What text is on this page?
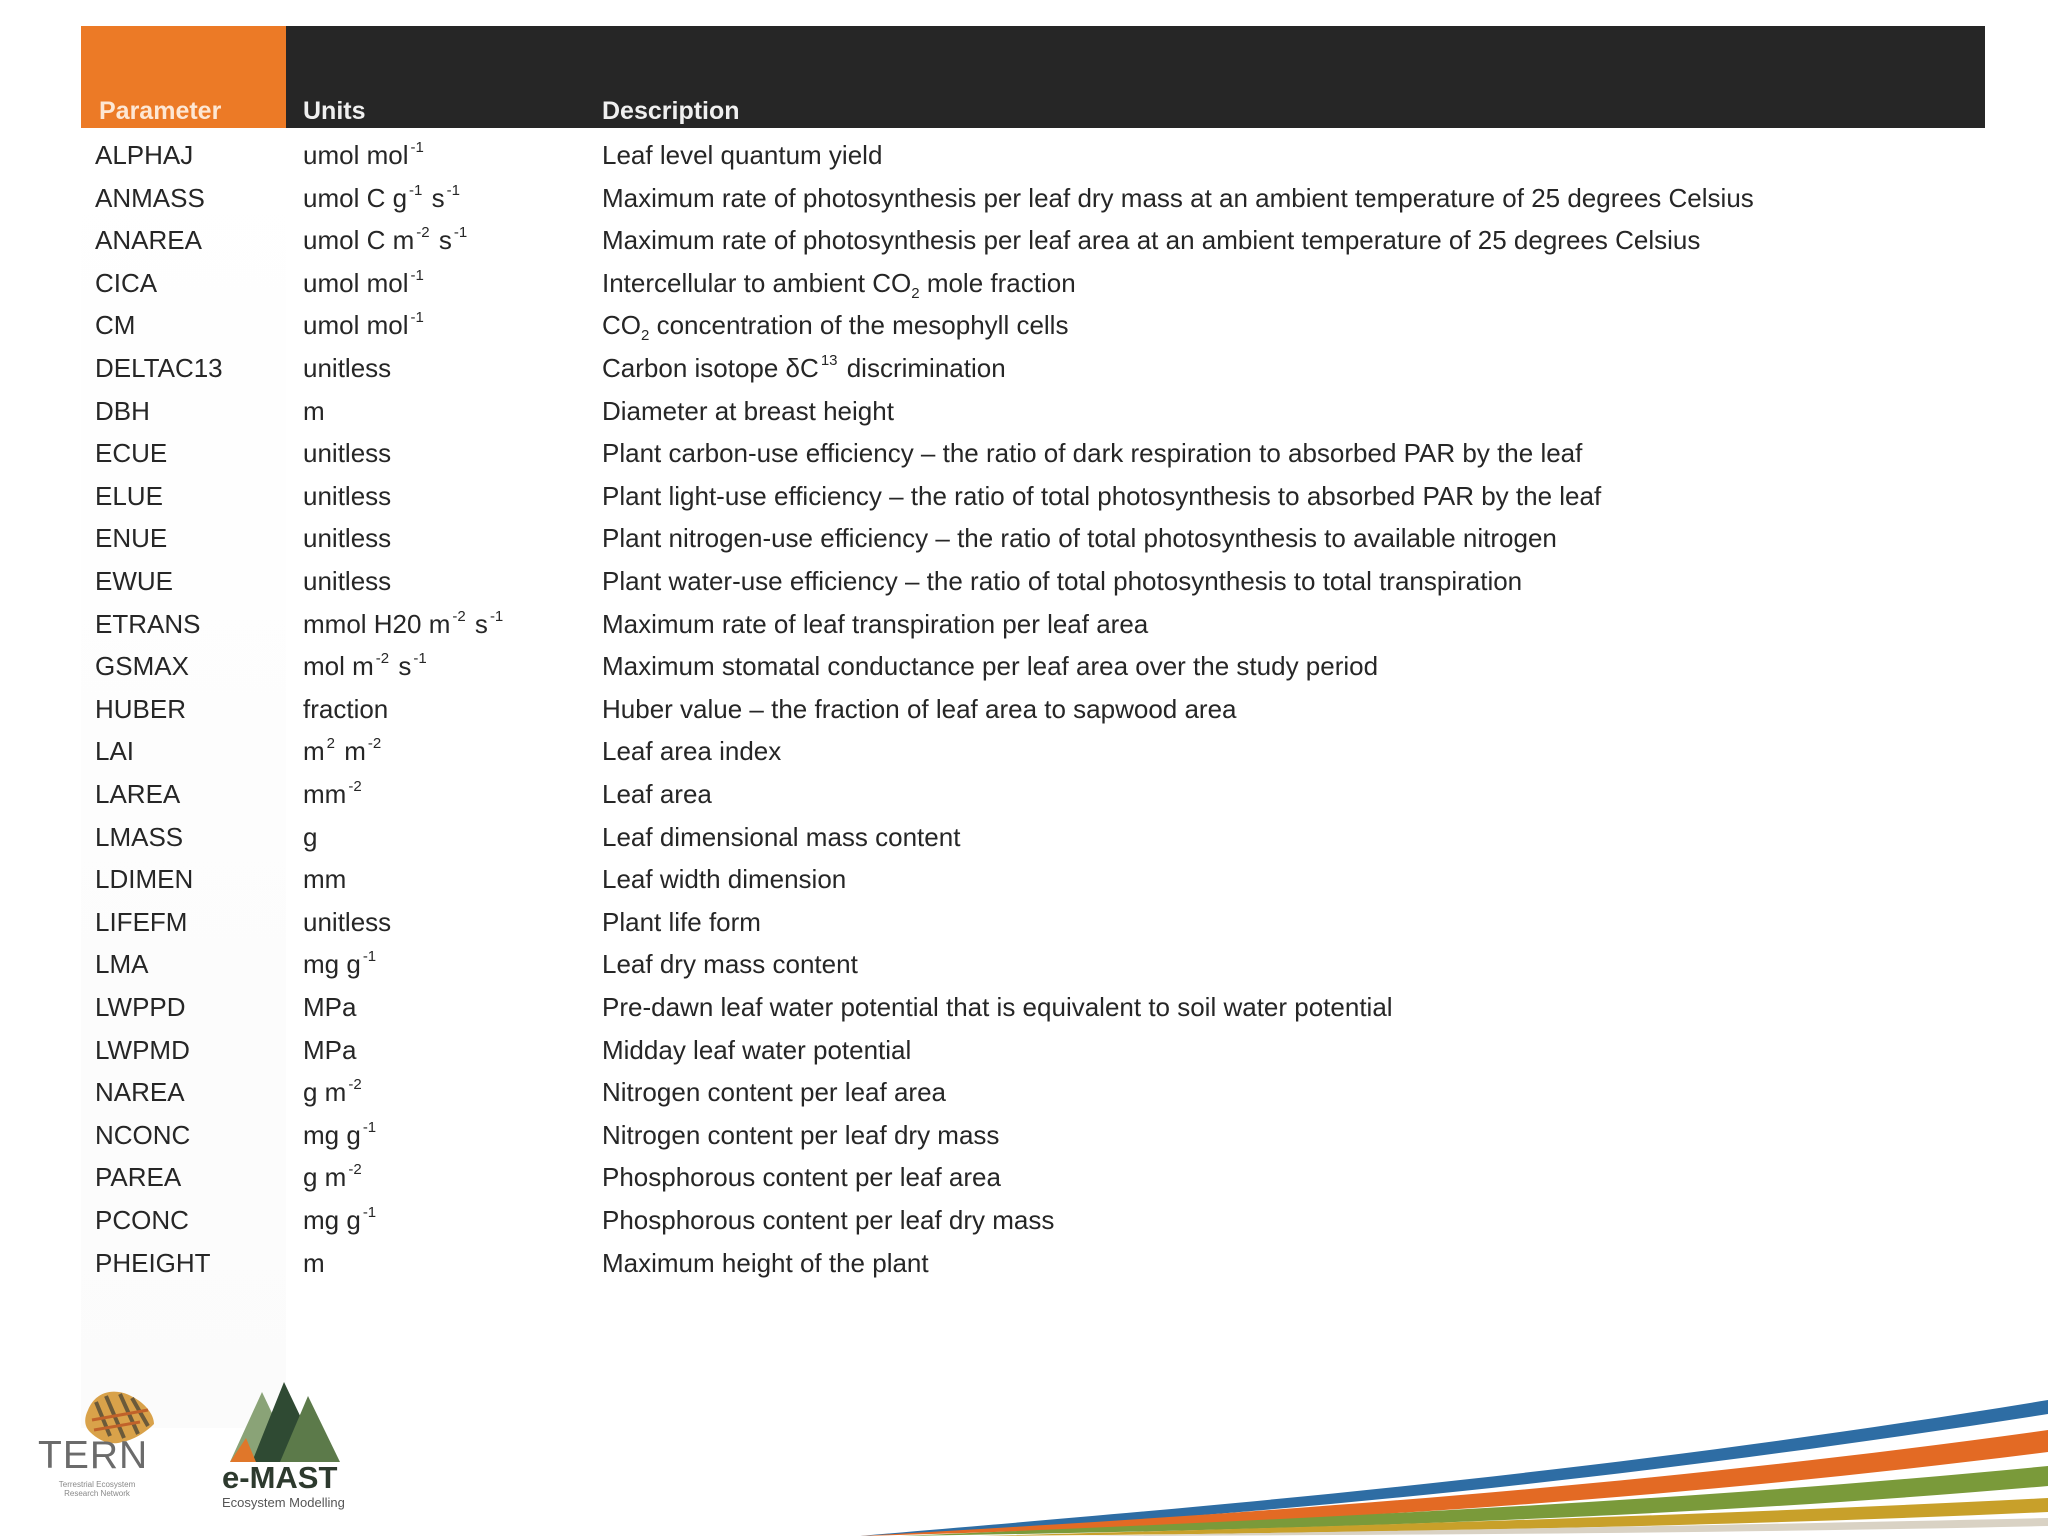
Parameter	Units	Description
ALPHAJ	umol mol $^{-1}$	Leaf level quantum yield
ANMASS	umol C g $^{-1}$ s $^{-1}$	Maximum rate of photosynthesis per leaf dry mass at an ambient temperature of 25 degrees Celsius
ANAREA	umol C m $^{-2}$ s $^{-1}$	Maximum rate of photosynthesis per leaf area at an ambient temperature of 25 degrees Celsius
CICA	umol mol $^{-1}$	Intercellular to ambient $CO_2$ mole fraction
CM	umol mol $^{-1}$	$CO_2$ concentration of the mesophyll cells
DELTAC13	unitless	Carbon isotope δC $^{13}$ discrimination
DBH	m	Diameter at breast height
ECUE	unitless	Plant carbon-use efficiency – the ratio of dark respiration to absorbed PAR by the leaf
ELUE	unitless	Plant light-use efficiency – the ratio of total photosynthesis to absorbed PAR by the leaf
ENUE	unitless	Plant nitrogen-use efficiency – the ratio of total photosynthesis to available nitrogen
EWUE	unitless	Plant water-use efficiency – the ratio of total photosynthesis to total transpiration
ETRANS	mmol H20 m $^{-2}$ s $^{-1}$	Maximum rate of leaf transpiration per leaf area
GSMAX	mol m $^{-2}$ s $^{-1}$	Maximum stomatal conductance per leaf area over the study period
HUBER	fraction	Huber value – the fraction of leaf area to sapwood area
LAI	m $^2$ m $^{-2}$	Leaf area index
LAREA	mm $^{-2}$	Leaf area
LMASS	g	Leaf dimensional mass content
LDIMEN	mm	Leaf width dimension
LIFEFM	unitless	Plant life form
LMA	mg g $^{-1}$	Leaf dry mass content
LWPPD	MPa	Pre-dawn leaf water potential that is equivalent to soil water potential
LWPMD	MPa	Midday leaf water potential
NAREA	g m $^{-2}$	Nitrogen content per leaf area
NCONC	mg g $^{-1}$	Nitrogen content per leaf dry mass
PAREA	g m $^{-2}$	Phosphorous content per leaf area
PCONC	mg g $^{-1}$	Phosphorous content per leaf dry mass
PHEIGHT	m	Maximum height of the plant
TERN
Terrestrial Ecosystem Research Network	e-MAST
Ecosystem Modelling
